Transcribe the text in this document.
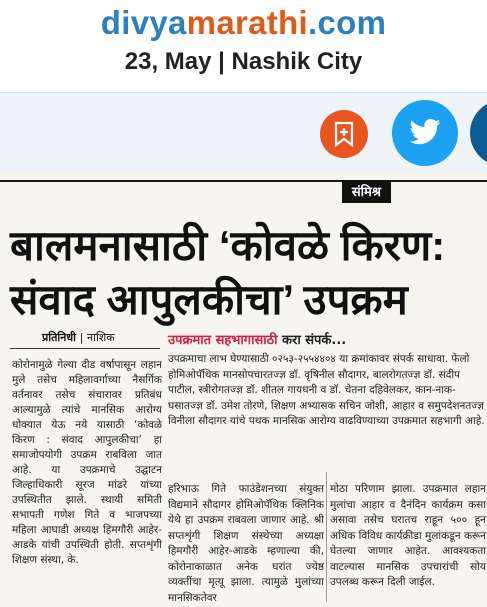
divyamarathi.com
23, May | Nashik City
संमिश्र
बालमनासाठी ‘कोवळे किरण:
संवाद आपुलकीचा’ उपक्रम
प्रतिनिधी | नाशिक
कोरोनामुळे गेल्या दीड वर्षापासून लहान मुले तसेच महिलावर्गाच्या नैसर्गिक वर्तनावर तसेच संचारावर प्रतिबंध आल्यामुळे त्यांचे मानसिक आरोग्य धोक्यात येऊ नये यासाठी ‘कोवळे किरण : संवाद आपुलकीचा’ हा समाजोपयोगी उपक्रम राबविला जात आहे. या उपक्रमाचे उद्घाटन जिल्हाधिकारी सूरज मांढरे यांच्या उपस्थितीत झाले. स्थायी समिती सभापती गणेश गिते व भाजपच्या महिला आघाडी अध्यक्ष हिमगौरी आहेर-आडके यांची उपस्थिती होती. सप्तशृंगी शिक्षण संस्था, के.
उपक्रमात सहभागासाठी करा संपर्क...
उपक्रमाचा लाभ घेण्यासाठी ०२५३-२५५४४०४ या क्रमांकावर संपर्क साधावा. फेलो होमिओपॅथिक मानसोपचारतज्ज्ञ डॉ. वृषिनील सौदागर, बालरोगतज्ज्ञ डॉ. संदीप पाटील, स्त्रीरोगतज्ज्ञ डॉ. शीतल गायधनी व डॉ. चेतना दहिवेलकर, कान-नाक-घसातज्ज्ञ डॉ. उमेश तोरणे, शिक्षण अभ्यासक सचिन जोशी, आहार व समुपदेशनतज्ज्ञ विनीला सौदागर यांचे पथक मानसिक आरोग्य वाढविण्याच्या उपक्रमात सहभागी आहे.
हरिभाऊ गिते फाउंडेशनच्या संयुक्त विद्यमाने सौदागर होमिओपॅथिक क्लिनिक येथे हा उपक्रम राबवला जाणार आहे. श्री सप्तशृंगी शिक्षण संस्थेच्या अध्यक्षा हिमगौरी आहेर-आडके म्हणाल्या की, कोरोनाकाळात अनेक घरांत ज्येष्ठ व्यक्तींचा मृत्यू झाला. त्यामुळे मुलांच्या मानसिकतेवर
मोठा परिणाम झाला. उपक्रमात लहान मुलांचा आहार व दैनंदिन कार्यक्रम कसा असावा तसेच घरातच राहून ५०० हून अधिक विविध कार्यक्रीडा मुलांकडून करून घेतल्या जाणार आहेत. आवश्यकता वाटल्यास मानसिक उपचारांची सोय उपलब्ध करून दिली जाईल.
